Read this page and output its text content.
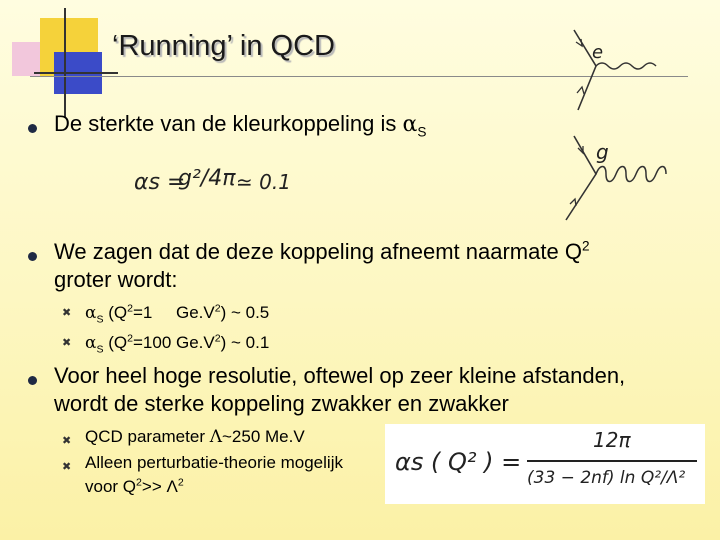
‘Running’ in QCD	e
g
De sterkte van de kleurkoppeling is $\alpha_S$
αs =
g²/4π ≃ 0.1
We zagen dat de deze koppeling afneemt naarmate $Q^2$
groter wordt:
✖ $\alpha_S$ ($Q^2=1$     $Ge.V^2$) ~ 0.5
✖ $\alpha_S$ ($Q^2=100$ $Ge.V^2$) ~ 0.1
Voor heel hoge resolutie, oftewel op zeer kleine afstanden,
wordt de sterke koppeling zwakker en zwakker
✖ QCD parameter Λ~250 Me.V
✖ Alleen perturbatie-theorie mogelijk
voor $Q^2>> \Lambda^2$
αs ( Q² ) =
12π
(33 − 2nf) ln Q²/Λ²
